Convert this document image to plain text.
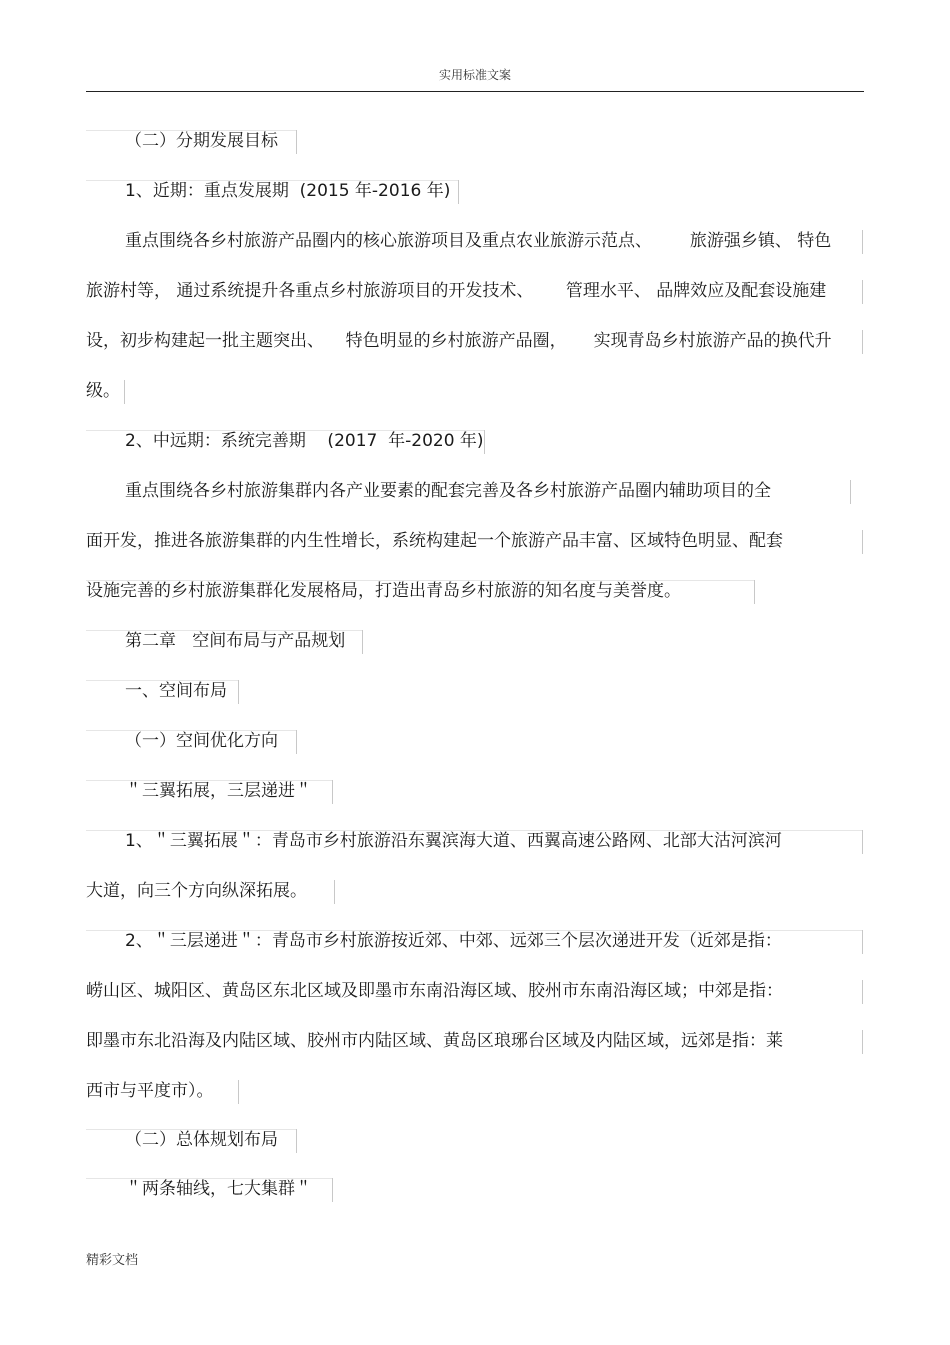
实用标准文案
（二）分期发展目标
1、近期：重点发展期  (2015 年-2016 年)
重点围绕各乡村旅游产品圈内的核心旅游项目及重点农业旅游示范点、       旅游强乡镇、 特色
旅游村等， 通过系统提升各重点乡村旅游项目的开发技术、      管理水平、 品牌效应及配套设施建
设，初步构建起一批主题突出、    特色明显的乡村旅游产品圈，     实现青岛乡村旅游产品的换代升
级。
2、中远期：系统完善期    (2017  年-2020 年)
重点围绕各乡村旅游集群内各产业要素的配套完善及各乡村旅游产品圈内辅助项目的全
面开发，推进各旅游集群的内生性增长，系统构建起一个旅游产品丰富、区域特色明显、配套
设施完善的乡村旅游集群化发展格局，打造出青岛乡村旅游的知名度与美誉度。
第二章   空间布局与产品规划
一、空间布局
（一）空间优化方向
＂三翼拓展，三层递进＂
1、＂三翼拓展＂：青岛市乡村旅游沿东翼滨海大道、西翼高速公路网、北部大沽河滨河
大道，向三个方向纵深拓展。
2、＂三层递进＂：青岛市乡村旅游按近郊、中郊、远郊三个层次递进开发（近郊是指：
崂山区、城阳区、黄岛区东北区域及即墨市东南沿海区域、胶州市东南沿海区域；中郊是指：
即墨市东北沿海及内陆区域、胶州市内陆区域、黄岛区琅琊台区域及内陆区域，远郊是指：莱
西市与平度市）。
（二）总体规划布局
＂两条轴线，七大集群＂
精彩文档
